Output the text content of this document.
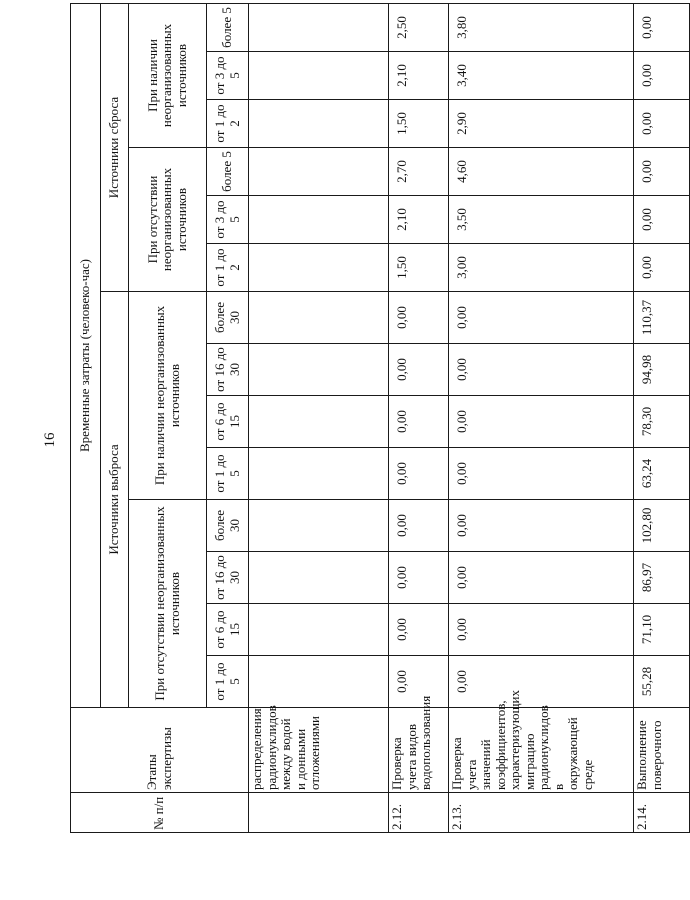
16
№ п/п	Этапы экспертизы	Временные затраты (человеко-час)													
		Источники выброса								Источники сброса					
		При отсутствии неорганизованных источников				При наличии неорганизованных источников				При отсутствии неорганизованных источников			При наличии неорганизованных источников		
		от 1 до 5	от 6 до 15	от 16 до 30	более 30	от 1 до 5	от 6 до 15	от 16 до 30	более 30	от 1 до 2	от 3 до 5	более 5	от 1 до 2	от 3 до 5	более 5
	распределения радионуклидов между водой и донными отложениями														
2.12.	Проверка учета видов водопользования	0,00	0,00	0,00	0,00	0,00	0,00	0,00	0,00	1,50	2,10	2,70	1,50	2,10	2,50
2.13.	Проверка учета значений коэффициентов, характеризующих миграцию радионуклидов в окружающей среде	0,00	0,00	0,00	0,00	0,00	0,00	0,00	0,00	3,00	3,50	4,60	2,90	3,40	3,80
2.14.	Выполнение поверочного	55,28	71,10	86,97	102,80	63,24	78,30	94,98	110,37	0,00	0,00	0,00	0,00	0,00	0,00
